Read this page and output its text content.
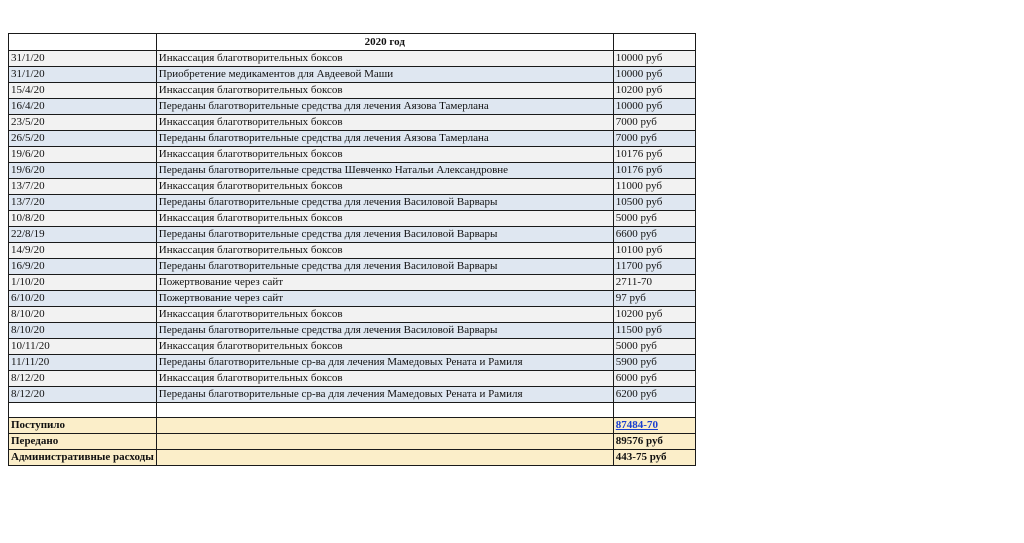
	2020 год	
31/1/20	Инкассация благотворительных боксов	10000 руб
31/1/20	Приобретение медикаментов для Авдеевой Маши	10000 руб
15/4/20	Инкассация благотворительных боксов	10200 руб
16/4/20	Переданы благотворительные средства для лечения Аязова Тамерлана	10000 руб
23/5/20	Инкассация благотворительных боксов	7000 руб
26/5/20	Переданы благотворительные средства для лечения Аязова Тамерлана	7000 руб
19/6/20	Инкассация благотворительных боксов	10176 руб
19/6/20	Переданы благотворительные средства Шевченко Натальи Александровне	10176 руб
13/7/20	Инкассация благотворительных боксов	11000 руб
13/7/20	Переданы благотворительные средства для лечения Василовой Варвары	10500 руб
10/8/20	Инкассация благотворительных боксов	5000 руб
22/8/19	Переданы благотворительные средства для лечения Василовой Варвары	6600 руб
14/9/20	Инкассация благотворительных боксов	10100 руб
16/9/20	Переданы благотворительные средства для лечения Василовой Варвары	11700 руб
1/10/20	Пожертвование через сайт	2711-70
6/10/20	Пожертвование через сайт	97 руб
8/10/20	Инкассация благотворительных боксов	10200 руб
8/10/20	Переданы благотворительные средства для лечения Василовой Варвары	11500 руб
10/11/20	Инкассация благотворительных боксов	5000 руб
11/11/20	Переданы благотворительные ср-ва для лечения Мамедовых Рената и Рамиля	5900 руб
8/12/20	Инкассация благотворительных боксов	6000 руб
8/12/20	Переданы благотворительные ср-ва для лечения Мамедовых Рената и Рамиля	6200 руб

Поступило		87484-70
Передано		89576 руб
Административные расходы		443-75 руб
